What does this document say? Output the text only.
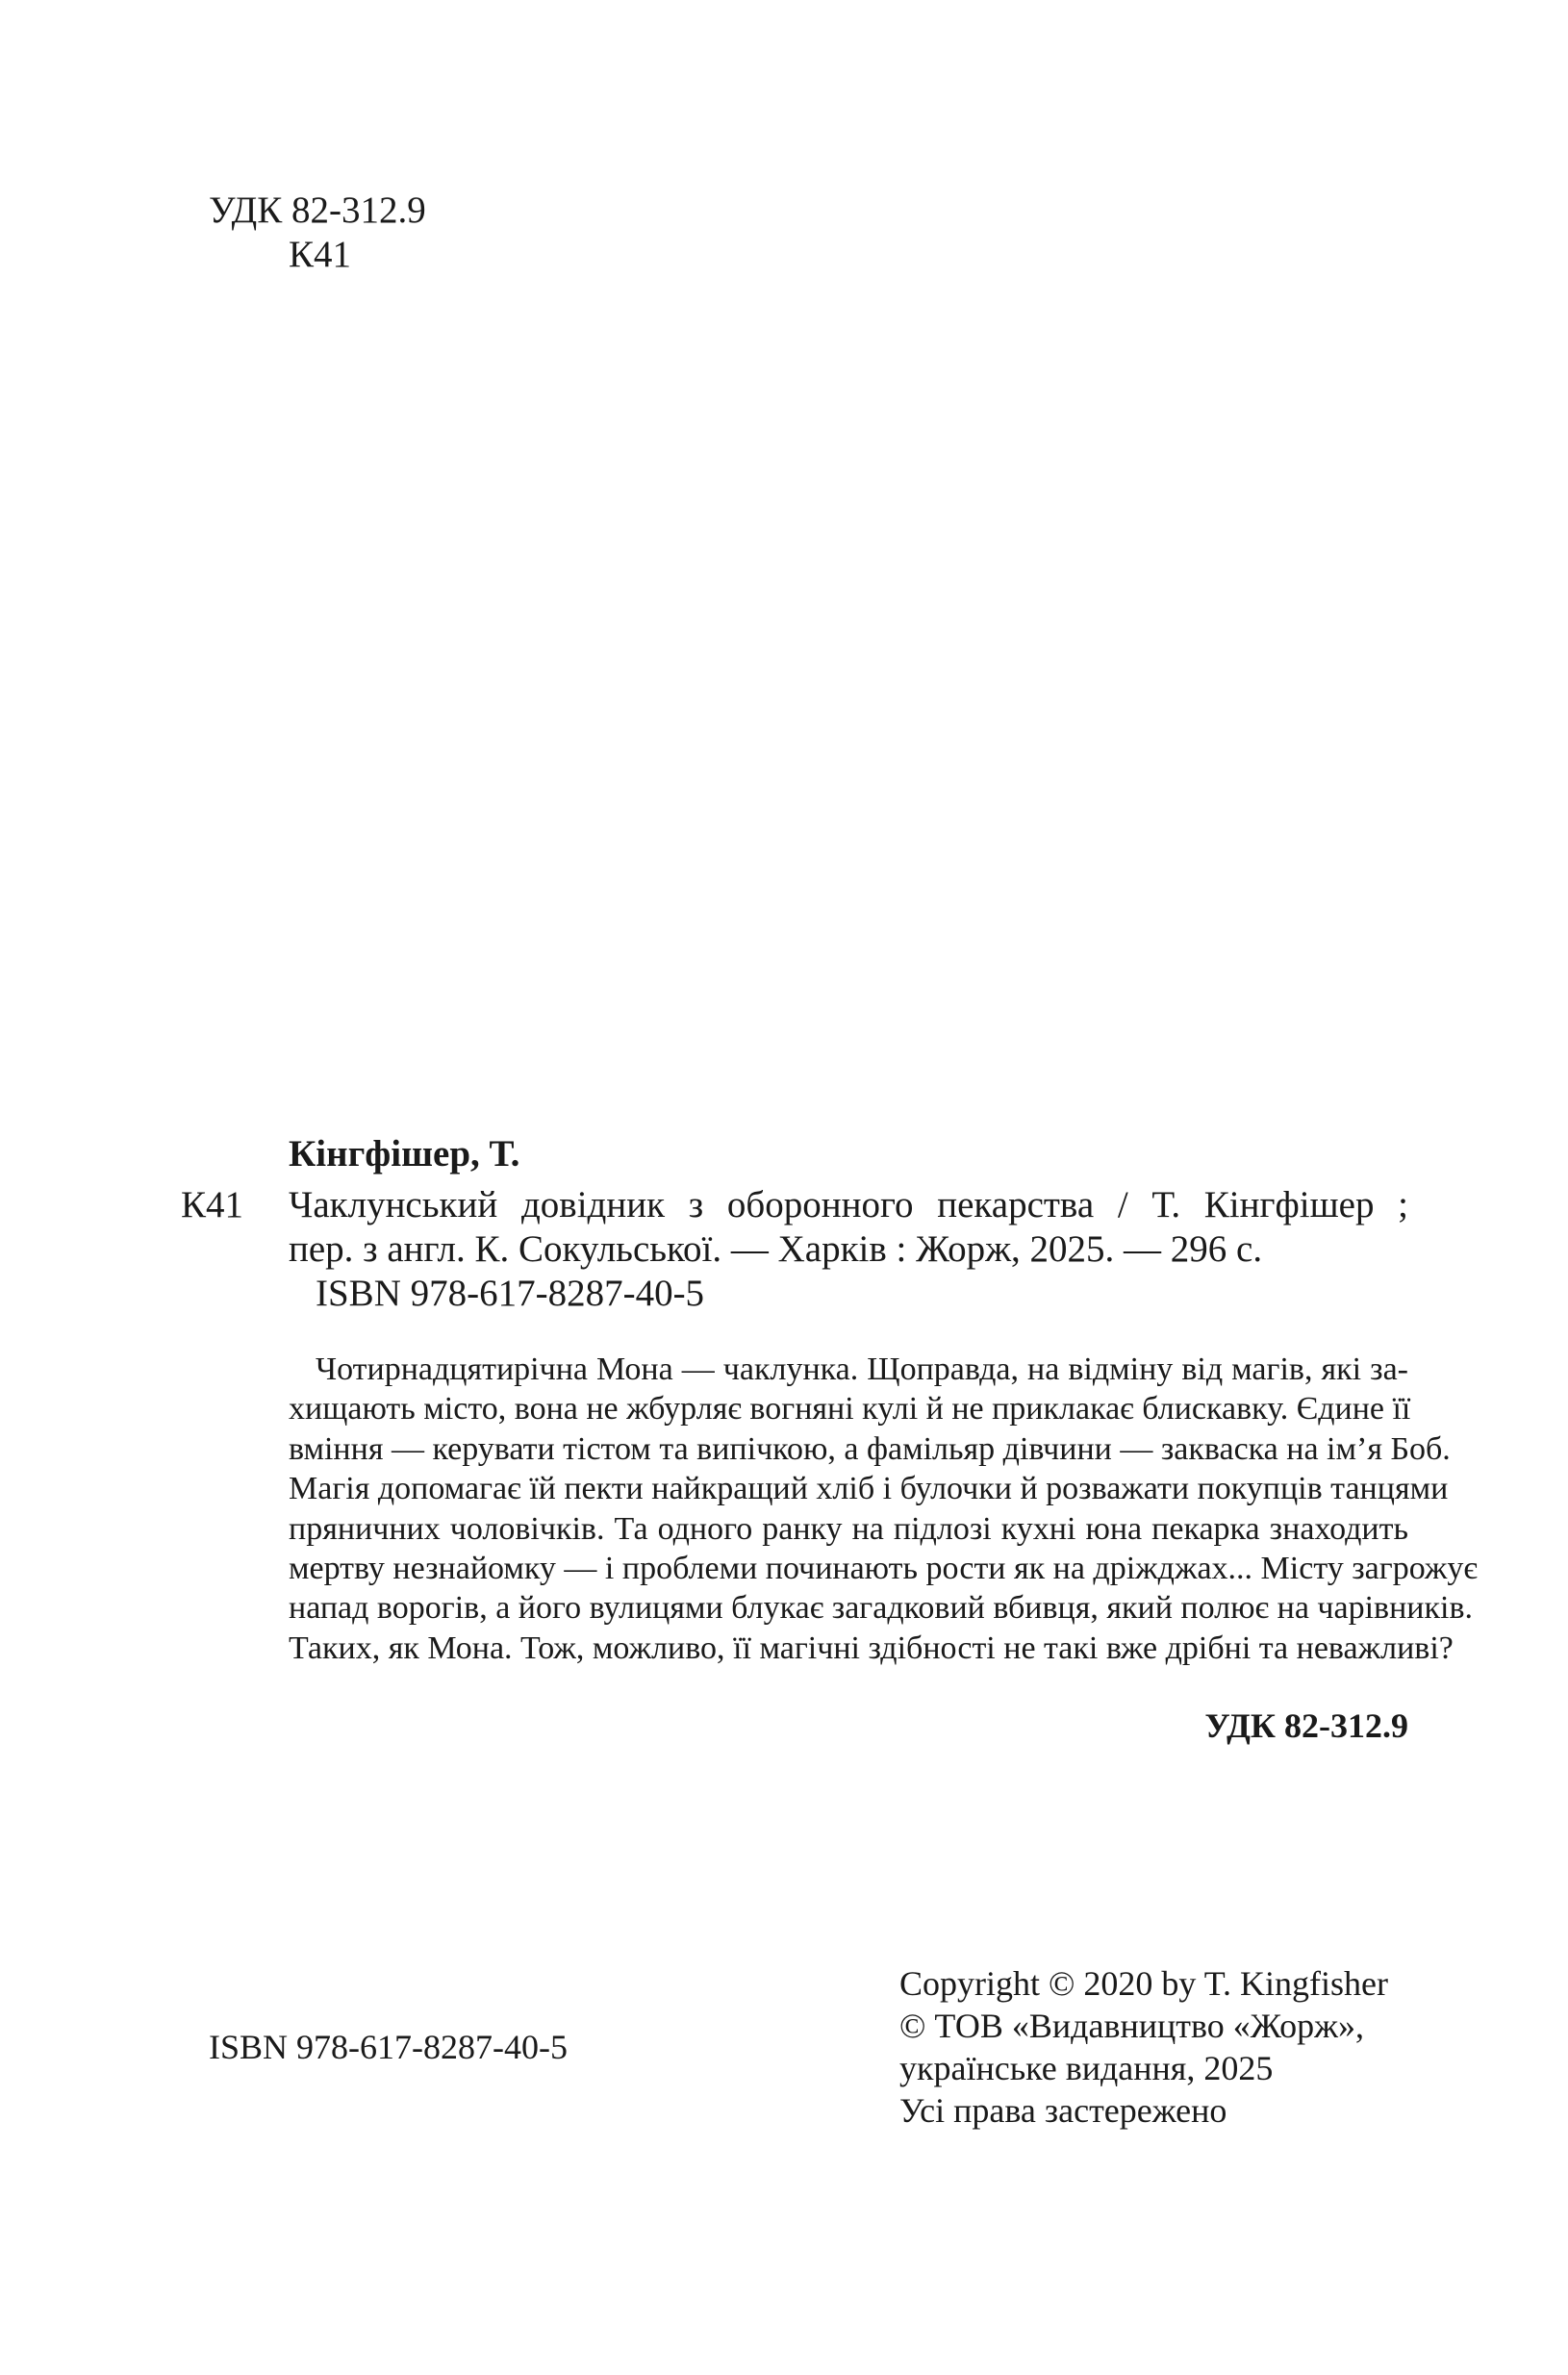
УДК 82-312.9
К41
Кінгфішер, Т.
К41 Чаклунський довідник з оборонного пекарства / Т. Кінгфішер ;
пер. з англ. К. Сокульської. — Харків : Жорж, 2025. — 296 с.
ISBN 978-617-8287-40-5
Чотирнадцятирічна Мона — чаклунка. Щоправда, на відміну від магів, які за-
хищають місто, вона не жбурляє вогняні кулі й не приклакає блискавку. Єдине її
вміння — керувати тістом та випічкою, а фамільяр дівчини — закваска на ім’я Боб.
Магія допомагає їй пекти найкращий хліб і булочки й розважати покупців танцями
пряничних чоловічків. Та одного ранку на підлозі кухні юна пекарка знаходить
мертву незнайомку — і проблеми починають рости як на дріжджах... Місту загрожує
напад ворогів, а його вулицями блукає загадковий вбивця, який полює на чарівників.
Таких, як Мона. Тож, можливо, її магічні здібності не такі вже дрібні та неважливі?
УДК 82-312.9
ISBN 978-617-8287-40-5
Copyright © 2020 by T. Kingfisher
© ТОВ «Видавництво «Жорж»,
українське видання, 2025
Усі права застережено
